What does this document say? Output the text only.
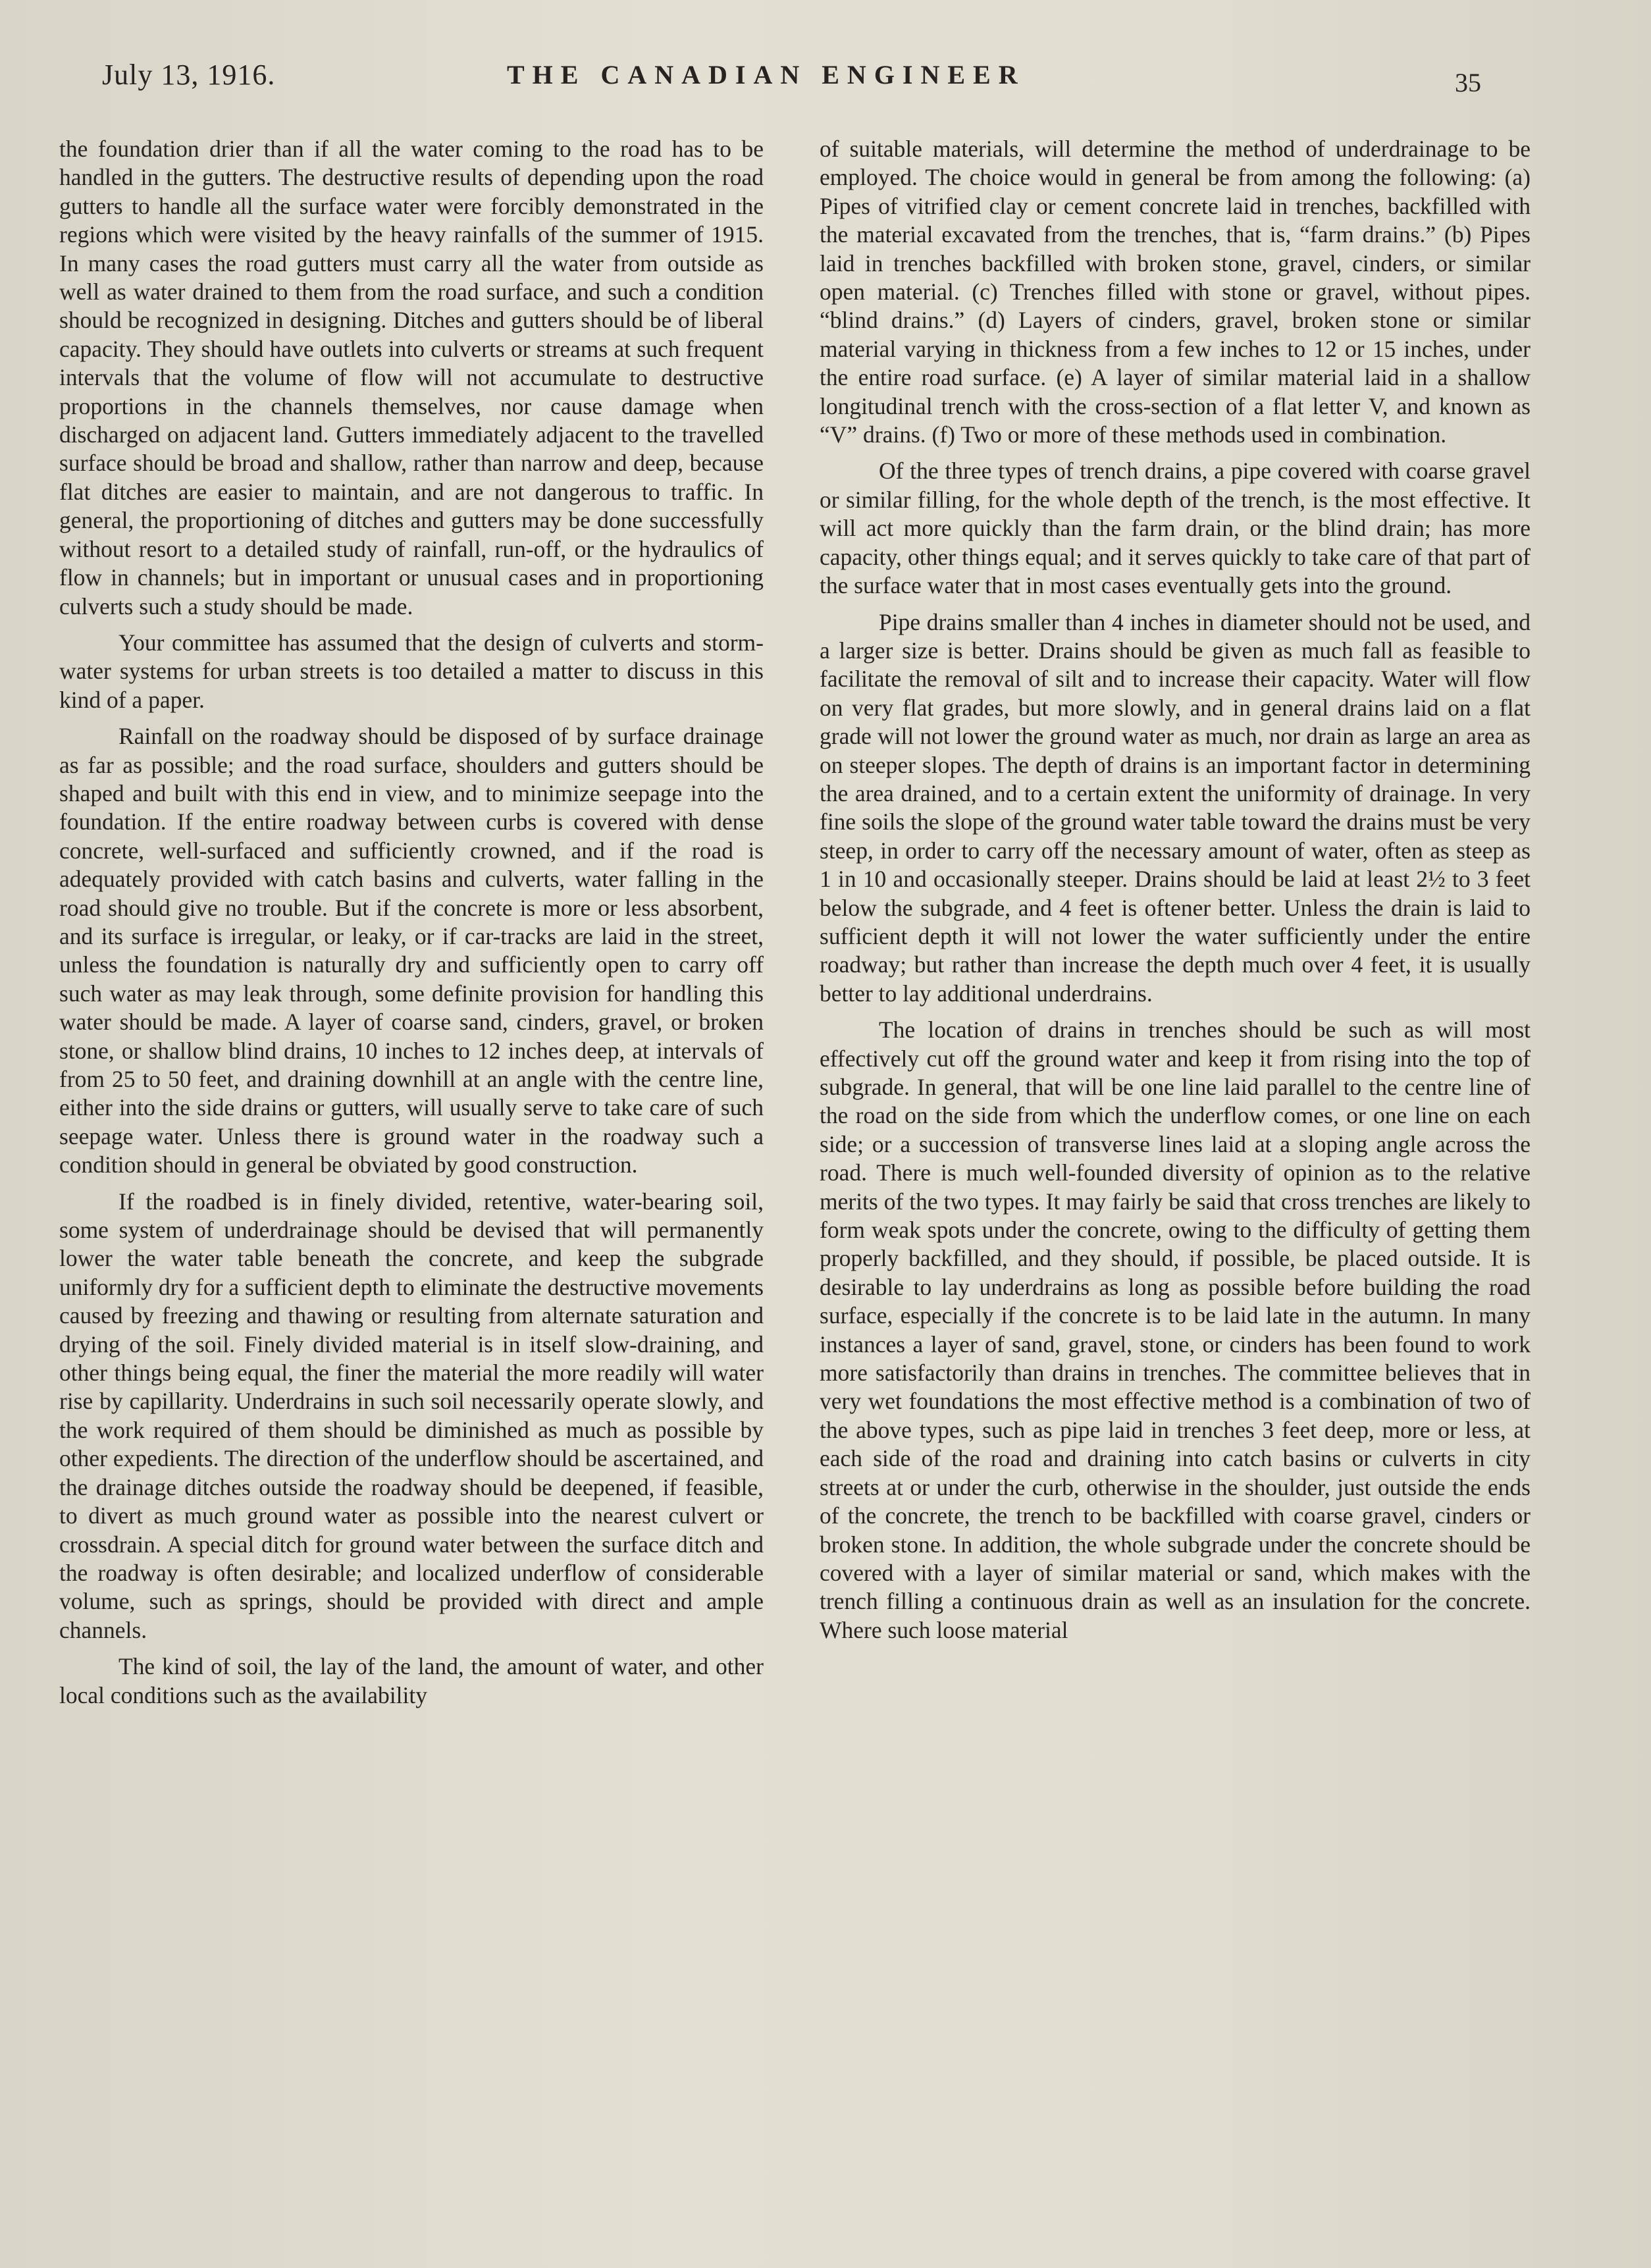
July 13, 1916.	THE CANADIAN ENGINEER	35

the foundation drier than if all the water coming to the road has to be handled in the gutters. The destructive results of depending upon the road gutters to handle all the surface water were forcibly demonstrated in the regions which were visited by the heavy rainfalls of the summer of 1915. In many cases the road gutters must carry all the water from outside as well as water drained to them from the road surface, and such a condition should be recognized in designing. Ditches and gutters should be of liberal capacity. They should have outlets into culverts or streams at such frequent intervals that the volume of flow will not accumulate to destructive proportions in the channels themselves, nor cause damage when discharged on adjacent land. Gutters immediately adjacent to the travelled surface should be broad and shallow, rather than narrow and deep, because flat ditches are easier to maintain, and are not dangerous to traffic. In general, the proportioning of ditches and gutters may be done successfully without resort to a detailed study of rainfall, run-off, or the hydraulics of flow in channels; but in important or unusual cases and in proportioning culverts such a study should be made.

Your committee has assumed that the design of culverts and storm-water systems for urban streets is too detailed a matter to discuss in this kind of a paper.

Rainfall on the roadway should be disposed of by surface drainage as far as possible; and the road surface, shoulders and gutters should be shaped and built with this end in view, and to minimize seepage into the foundation. If the entire roadway between curbs is covered with dense concrete, well-surfaced and sufficiently crowned, and if the road is adequately provided with catch basins and culverts, water falling in the road should give no trouble. But if the concrete is more or less absorbent, and its surface is irregular, or leaky, or if car-tracks are laid in the street, unless the foundation is naturally dry and sufficiently open to carry off such water as may leak through, some definite provision for handling this water should be made. A layer of coarse sand, cinders, gravel, or broken stone, or shallow blind drains, 10 inches to 12 inches deep, at intervals of from 25 to 50 feet, and draining downhill at an angle with the centre line, either into the side drains or gutters, will usually serve to take care of such seepage water. Unless there is ground water in the roadway such a condition should in general be obviated by good construction.

If the roadbed is in finely divided, retentive, water-bearing soil, some system of underdrainage should be devised that will permanently lower the water table beneath the concrete, and keep the subgrade uniformly dry for a sufficient depth to eliminate the destructive movements caused by freezing and thawing or resulting from alternate saturation and drying of the soil. Finely divided material is in itself slow-draining, and other things being equal, the finer the material the more readily will water rise by capillarity. Underdrains in such soil necessarily operate slowly, and the work required of them should be diminished as much as possible by other expedients. The direction of the underflow should be ascertained, and the drainage ditches outside the roadway should be deepened, if feasible, to divert as much ground water as possible into the nearest culvert or crossdrain. A special ditch for ground water between the surface ditch and the roadway is often desirable; and localized underflow of considerable volume, such as springs, should be provided with direct and ample channels.

The kind of soil, the lay of the land, the amount of water, and other local conditions such as the availability

of suitable materials, will determine the method of underdrainage to be employed. The choice would in general be from among the following: (a) Pipes of vitrified clay or cement concrete laid in trenches, backfilled with the material excavated from the trenches, that is, “farm drains.” (b) Pipes laid in trenches backfilled with broken stone, gravel, cinders, or similar open material. (c) Trenches filled with stone or gravel, without pipes. “blind drains.” (d) Layers of cinders, gravel, broken stone or similar material varying in thickness from a few inches to 12 or 15 inches, under the entire road surface. (e) A layer of similar material laid in a shallow longitudinal trench with the cross-section of a flat letter V, and known as “V” drains. (f) Two or more of these methods used in combination.

Of the three types of trench drains, a pipe covered with coarse gravel or similar filling, for the whole depth of the trench, is the most effective. It will act more quickly than the farm drain, or the blind drain; has more capacity, other things equal; and it serves quickly to take care of that part of the surface water that in most cases eventually gets into the ground.

Pipe drains smaller than 4 inches in diameter should not be used, and a larger size is better. Drains should be given as much fall as feasible to facilitate the removal of silt and to increase their capacity. Water will flow on very flat grades, but more slowly, and in general drains laid on a flat grade will not lower the ground water as much, nor drain as large an area as on steeper slopes. The depth of drains is an important factor in determining the area drained, and to a certain extent the uniformity of drainage. In very fine soils the slope of the ground water table toward the drains must be very steep, in order to carry off the necessary amount of water, often as steep as 1 in 10 and occasionally steeper. Drains should be laid at least 2½ to 3 feet below the subgrade, and 4 feet is oftener better. Unless the drain is laid to sufficient depth it will not lower the water sufficiently under the entire roadway; but rather than increase the depth much over 4 feet, it is usually better to lay additional underdrains.

The location of drains in trenches should be such as will most effectively cut off the ground water and keep it from rising into the top of subgrade. In general, that will be one line laid parallel to the centre line of the road on the side from which the underflow comes, or one line on each side; or a succession of transverse lines laid at a sloping angle across the road. There is much well-founded diversity of opinion as to the relative merits of the two types. It may fairly be said that cross trenches are likely to form weak spots under the concrete, owing to the difficulty of getting them properly backfilled, and they should, if possible, be placed outside. It is desirable to lay underdrains as long as possible before building the road surface, especially if the concrete is to be laid late in the autumn. In many instances a layer of sand, gravel, stone, or cinders has been found to work more satisfactorily than drains in trenches. The committee believes that in very wet foundations the most effective method is a combination of two of the above types, such as pipe laid in trenches 3 feet deep, more or less, at each side of the road and draining into catch basins or culverts in city streets at or under the curb, otherwise in the shoulder, just outside the ends of the concrete, the trench to be backfilled with coarse gravel, cinders or broken stone. In addition, the whole subgrade under the concrete should be covered with a layer of similar material or sand, which makes with the trench filling a continuous drain as well as an insulation for the concrete. Where such loose material
